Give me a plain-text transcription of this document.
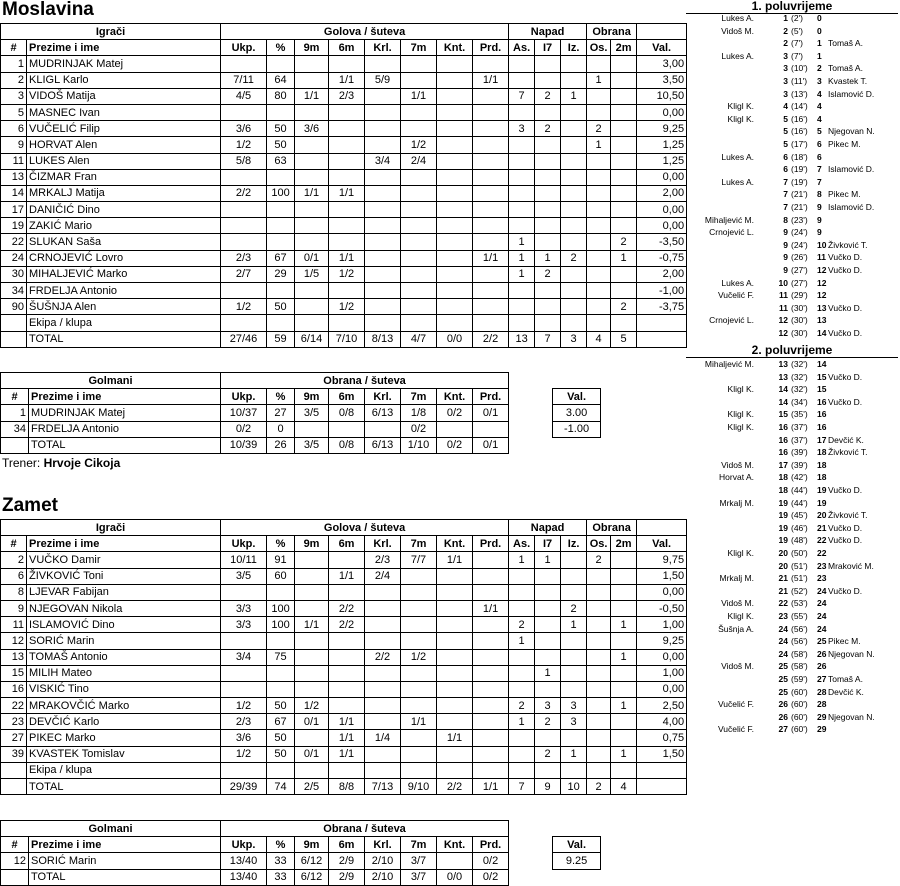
Moslavina
Igrači		Golova / šuteva								Napad			Obrana		
#	Prezime i ime	Ukp.	%	9m	6m	Krl.	7m	Knt.	Prd.	As.	I7	Iz.	Os.	2m	Val.
1	MUDRINJAK Matej														3,00
2	KLIGL Karlo	7/11	64		1/1	5/9			1/1				1		3,50
3	VIDOŠ Matija	4/5	80	1/1	2/3		1/1			7	2	1			10,50
5	MASNEC Ivan														0,00
6	VUČELIĆ Filip	3/6	50	3/6						3	2		2		9,25
9	HORVAT Alen	1/2	50				1/2						1		1,25
11	LUKES Alen	5/8	63			3/4	2/4								1,25
13	ČIZMAR Fran														0,00
14	MRKALJ Matija	2/2	100	1/1	1/1										2,00
17	DANIČIĆ Dino														0,00
19	ZAKIĆ Mario														0,00
22	SLUKAN Saša									1				2	-3,50
24	CRNOJEVIĆ Lovro	2/3	67	0/1	1/1				1/1	1	1	2		1	-0,75
30	MIHALJEVIĆ Marko	2/7	29	1/5	1/2					1	2				2,00
34	FRDELJA Antonio														-1,00
90	ŠUŠNJA Alen	1/2	50		1/2									2	-3,75
	Ekipa / klupa														
	TOTAL	27/46	59	6/14	7/10	8/13	4/7	0/0	2/2	13	7	3	4	5	
Golmani		Obrana / šuteva									
#	Prezime i ime	Ukp.	%	9m	6m	Krl.	7m	Knt.	Prd.		Val.
1	MUDRINJAK Matej	10/37	27	3/5	0/8	6/13	1/8	0/2	0/1		3.00
34	FRDELJA Antonio	0/2	0				0/2				-1.00
	TOTAL	10/39	26	3/5	0/8	6/13	1/10	0/2	0/1		
Trener: Hrvoje Cikoja
Zamet
Igrači		Golova / šuteva								Napad			Obrana		
#	Prezime i ime	Ukp.	%	9m	6m	Krl.	7m	Knt.	Prd.	As.	I7	Iz.	Os.	2m	Val.
2	VUČKO Damir	10/11	91			2/3	7/7	1/1		1	1		2		9,75
6	ŽIVKOVIĆ Toni	3/5	60		1/1	2/4									1,50
8	LJEVAR Fabijan														0,00
9	NJEGOVAN Nikola	3/3	100		2/2				1/1			2			-0,50
11	ISLAMOVIĆ Dino	3/3	100	1/1	2/2					2		1		1	1,00
12	SORIĆ Marin									1					9,25
13	TOMAŠ Antonio	3/4	75			2/2	1/2							1	0,00
15	MILIH Mateo										1				1,00
16	VISKIĆ Tino														0,00
22	MRAKOVČIĆ Marko	1/2	50	1/2						2	3	3		1	2,50
23	DEVČIĆ Karlo	2/3	67	0/1	1/1		1/1			1	2	3			4,00
27	PIKEC Marko	3/6	50		1/1	1/4		1/1							0,75
39	KVASTEK Tomislav	1/2	50	0/1	1/1						2	1		1	1,50
	Ekipa / klupa														
	TOTAL	29/39	74	2/5	8/8	7/13	9/10	2/2	1/1	7	9	10	2	4	
Golmani		Obrana / šuteva									
#	Prezime i ime	Ukp.	%	9m	6m	Krl.	7m	Knt.	Prd.		Val.
12	SORIĆ Marin	13/40	33	6/12	2/9	2/10	3/7		0/2		9.25
	TOTAL	13/40	33	6/12	2/9	2/10	3/7	0/0	0/2		
1. poluvrijeme
Lukes A.	1 (2') 0
Vidoš M.	2 (5') 0
2 (7') 1 Tomaš A.
Lukes A.	3 (7') 1
3 (10') 2 Tomaš A.
3 (11') 3 Kvastek T.
3 (13') 4 Islamović D.
Kligl K.	4 (14') 4
Kligl K.	5 (16') 4
5 (16') 5 Njegovan N.
5 (17') 6 Pikec M.
Lukes A.	6 (18') 6
6 (19') 7 Islamović D.
Lukes A.	7 (19') 7
7 (21') 8 Pikec M.
7 (21') 9 Islamović D.
Mihaljević M.	8 (23') 9
Crnojević L.	9 (24') 9
9 (24') 10 Živković T.
9 (26') 11 Vučko D.
9 (27') 12 Vučko D.
Lukes A.	10 (27') 12
Vučelić F.	11 (29') 12
11 (30') 13 Vučko D.
Crnojević L.	12 (30') 13
12 (30') 14 Vučko D.
2. poluvrijeme
Mihaljević M.	13 (32') 14
13 (32') 15 Vučko D.
Kligl K.	14 (32') 15
14 (34') 16 Vučko D.
Kligl K.	15 (35') 16
Kligl K.	16 (37') 16
16 (37') 17 Devčić K.
16 (39') 18 Živković T.
Vidoš M.	17 (39') 18
Horvat A.	18 (42') 18
18 (44') 19 Vučko D.
Mrkalj M.	19 (44') 19
19 (45') 20 Živković T.
19 (46') 21 Vučko D.
19 (48') 22 Vučko D.
Kligl K.	20 (50') 22
20 (51') 23 Mraković M.
Mrkalj M.	21 (51') 23
21 (52') 24 Vučko D.
Vidoš M.	22 (53') 24
Kligl K.	23 (55') 24
Šušnja A.	24 (56') 24
24 (56') 25 Pikec M.
24 (58') 26 Njegovan N.
Vidoš M.	25 (58') 26
25 (59') 27 Tomaš A.
25 (60') 28 Devčić K.
Vučelić F.	26 (60') 28
26 (60') 29 Njegovan N.
Vučelić F.	27 (60') 29
